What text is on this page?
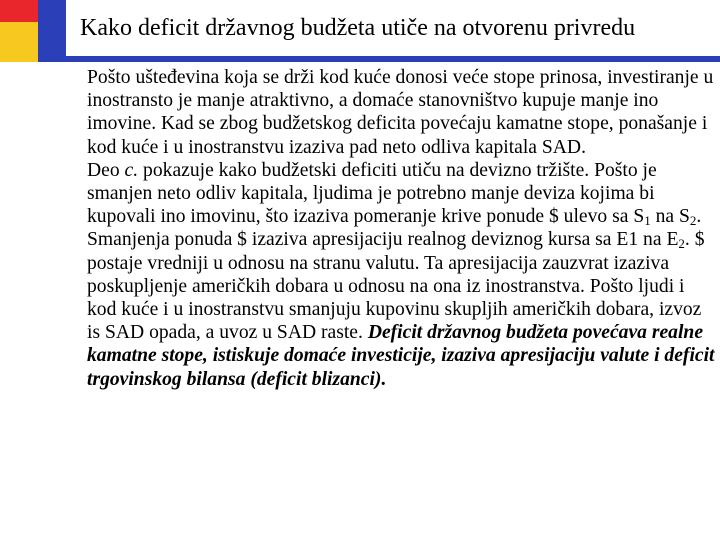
Kako deficit državnog budžeta utiče na otvorenu privredu

Pošto ušteđevina koja se drži kod kuće donosi veće stope prinosa, investiranje u inostransto je manje atraktivno, a domaće stanovništvo kupuje manje ino imovine. Kad se zbog budžetskog deficita povećaju kamatne stope, ponašanje i kod kuće i u inostranstvu izaziva pad neto odliva kapitala SAD.

Deo c. pokazuje kako budžetski deficiti utiču na devizno tržište. Pošto je smanjen neto odliv kapitala, ljudima je potrebno manje deviza kojima bi kupovali ino imovinu, što izaziva pomeranje krive ponude $ ulevo sa $S_1$ na $S_2$. Smanjenja ponuda $ izaziva apresijaciju realnog deviznog kursa sa E1 na $E_2$. $ postaje vredniji u odnosu na stranu valutu. Ta apresijacija zauzvrat izaziva poskupljenje američkih dobara u odnosu na ona iz inostranstva. Pošto ljudi i kod kuće i u inostranstvu smanjuju kupovinu skupljih američkih dobara, izvoz is SAD opada, a uvoz u SAD raste. Deficit državnog budžeta povećava realne kamatne stope, istiskuje domaće investicije, izaziva apresijaciju valute i deficit trgovinskog bilansa (deficit blizanci).
